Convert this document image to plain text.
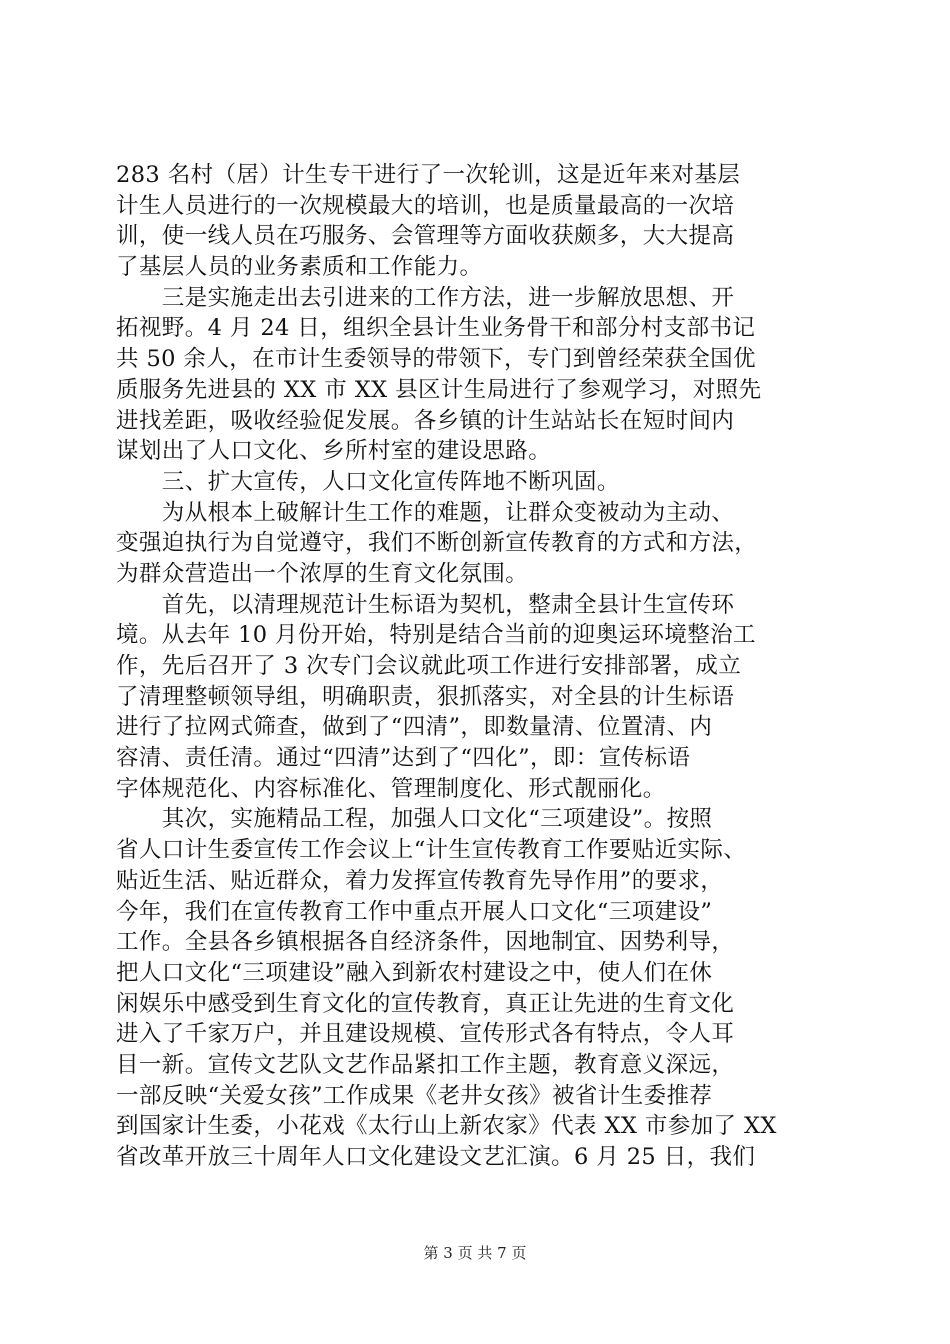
283 名村（居）计生专干进行了一次轮训，这是近年来对基层
计生人员进行的一次规模最大的培训，也是质量最高的一次培
训，使一线人员在巧服务、会管理等方面收获颇多，大大提高
了基层人员的业务素质和工作能力。
　　三是实施走出去引进来的工作方法，进一步解放思想、开
拓视野。4 月 24 日，组织全县计生业务骨干和部分村支部书记
共 50 余人，在市计生委领导的带领下，专门到曾经荣获全国优
质服务先进县的 XX 市 XX 县区计生局进行了参观学习，对照先
进找差距，吸收经验促发展。各乡镇的计生站站长在短时间内
谋划出了人口文化、乡所村室的建设思路。
　　三、扩大宣传，人口文化宣传阵地不断巩固。
　　为从根本上破解计生工作的难题，让群众变被动为主动、
变强迫执行为自觉遵守，我们不断创新宣传教育的方式和方法，
为群众营造出一个浓厚的生育文化氛围。
　　首先，以清理规范计生标语为契机，整肃全县计生宣传环
境。从去年 10 月份开始，特别是结合当前的迎奥运环境整治工
作，先后召开了 3 次专门会议就此项工作进行安排部署，成立
了清理整顿领导组，明确职责，狠抓落实，对全县的计生标语
进行了拉网式筛查，做到了“四清”，即数量清、位置清、内
容清、责任清。通过“四清”达到了“四化”，即：宣传标语
字体规范化、内容标准化、管理制度化、形式靓丽化。
　　其次，实施精品工程，加强人口文化“三项建设”。按照
省人口计生委宣传工作会议上“计生宣传教育工作要贴近实际、
贴近生活、贴近群众，着力发挥宣传教育先导作用”的要求，
今年，我们在宣传教育工作中重点开展人口文化“三项建设”
工作。全县各乡镇根据各自经济条件，因地制宜、因势利导，
把人口文化“三项建设”融入到新农村建设之中，使人们在休
闲娱乐中感受到生育文化的宣传教育，真正让先进的生育文化
进入了千家万户，并且建设规模、宣传形式各有特点，令人耳
目一新。宣传文艺队文艺作品紧扣工作主题，教育意义深远，
一部反映“关爱女孩”工作成果《老井女孩》被省计生委推荐
到国家计生委，小花戏《太行山上新农家》代表 XX 市参加了 XX
省改革开放三十周年人口文化建设文艺汇演。6 月 25 日，我们
第 3 页 共 7 页
